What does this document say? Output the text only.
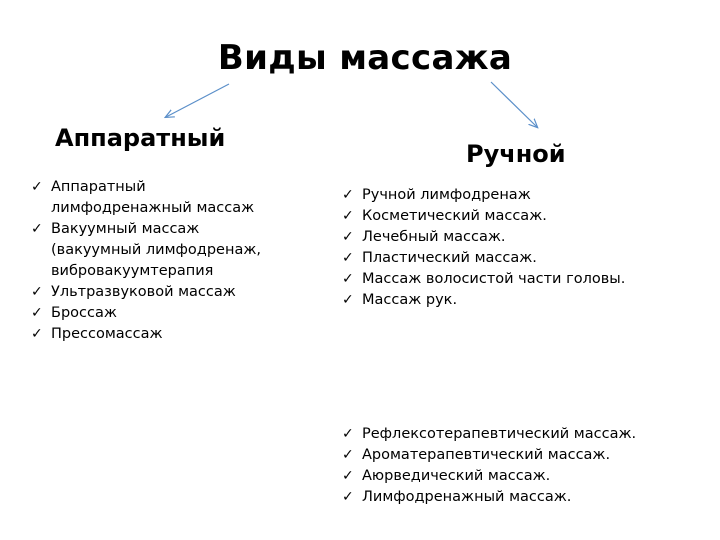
Виды массажа
Аппаратный
Ручной
✓ Аппаратный лимфодренажный массаж
✓ Вакуумный массаж (вакуумный лимфодренаж, вибровакуумтерапия
✓ Ультразвуковой массаж
✓ Броссаж
✓ Прессомассаж
✓ Ручной лимфодренаж
✓ Косметический массаж.
✓ Лечебный массаж.
✓ Пластический массаж.
✓ Массаж волосистой части головы.
✓ Массаж рук.
✓ Рефлексотерапевтический массаж.
✓ Ароматерапевтический массаж.
✓ Аюрведический массаж.
✓ Лимфодренажный массаж.
